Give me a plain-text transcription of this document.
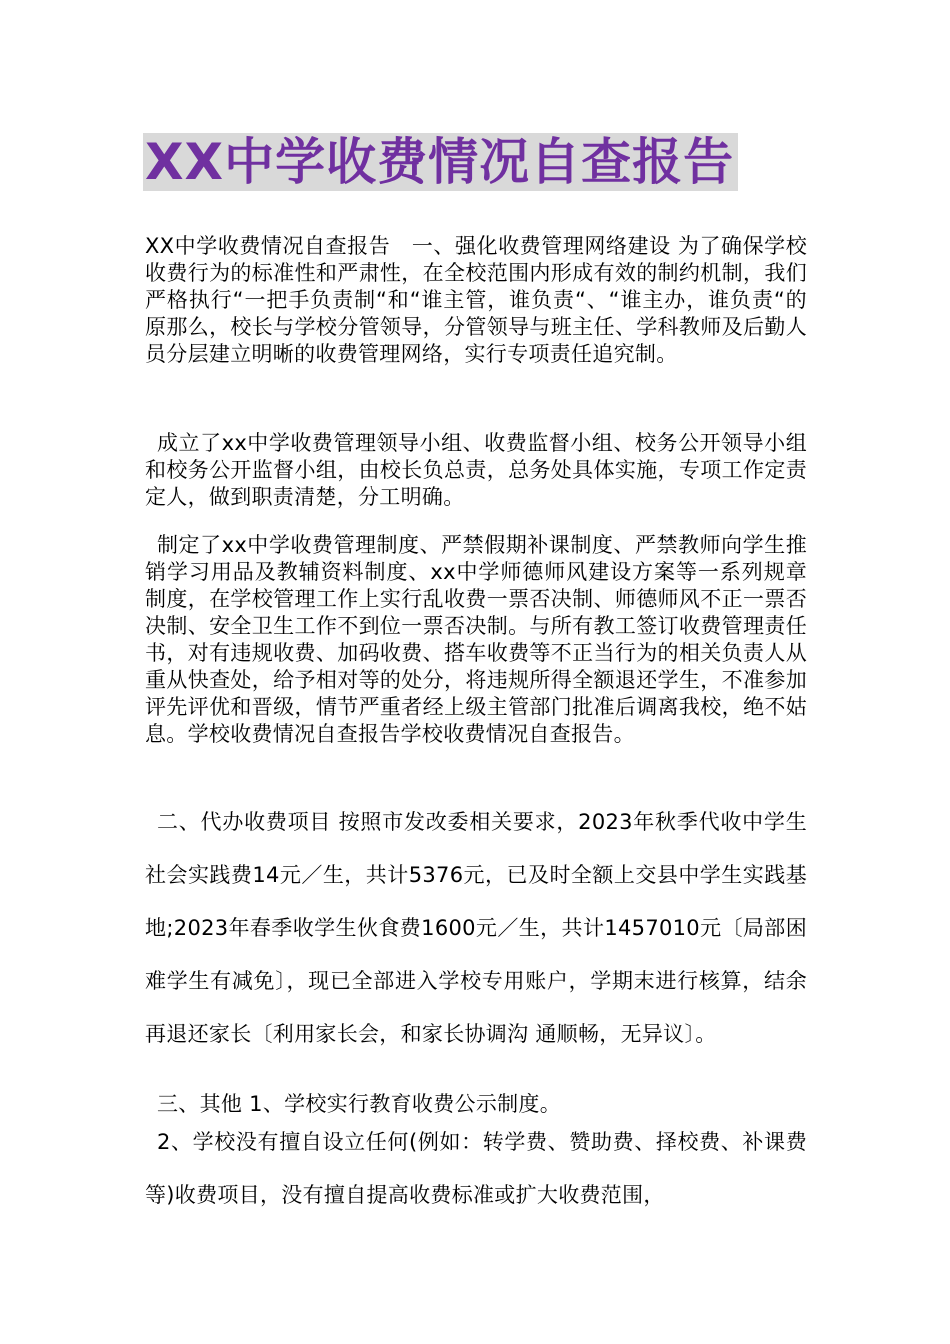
XX中学收费情况自查报告

XX中学收费情况自查报告　一、强化收费管理网络建设 为了确保学校收费行为的标准性和严肃性，在全校范围内形成有效的制约机制，我们严格执行“一把手负责制“和“谁主管，谁负责“、“谁主办，谁负责“的原那么，校长与学校分管领导，分管领导与班主任、学科教师及后勤人员分层建立明晰的收费管理网络，实行专项责任追究制。

成立了xx中学收费管理领导小组、收费监督小组、校务公开领导小组和校务公开监督小组，由校长负总责，总务处具体实施，专项工作定责定人，做到职责清楚，分工明确。

制定了xx中学收费管理制度、严禁假期补课制度、严禁教师向学生推销学习用品及教辅资料制度、xx中学师德师风建设方案等一系列规章制度，在学校管理工作上实行乱收费一票否决制、师德师风不正一票否决制、安全卫生工作不到位一票否决制。与所有教工签订收费管理责任书，对有违规收费、加码收费、搭车收费等不正当行为的相关负责人从重从快查处，给予相对等的处分，将违规所得全额退还学生，不准参加评先评优和晋级，情节严重者经上级主管部门批准后调离我校，绝不姑息。学校收费情况自查报告学校收费情况自查报告。

二、代办收费项目 按照市发改委相关要求，2023年秋季代收中学生社会实践费14元／生，共计5376元，已及时全额上交县中学生实践基地;2023年春季收学生伙食费1600元／生，共计1457010元〔局部困难学生有减免〕，现已全部进入学校专用账户，学期末进行核算，结余再退还家长〔利用家长会，和家长协调沟 通顺畅，无异议〕。

三、其他 1、学校实行教育收费公示制度。

2、学校没有擅自设立任何(例如：转学费、赞助费、择校费、补课费等)收费项目，没有擅自提高收费标准或扩大收费范围，
